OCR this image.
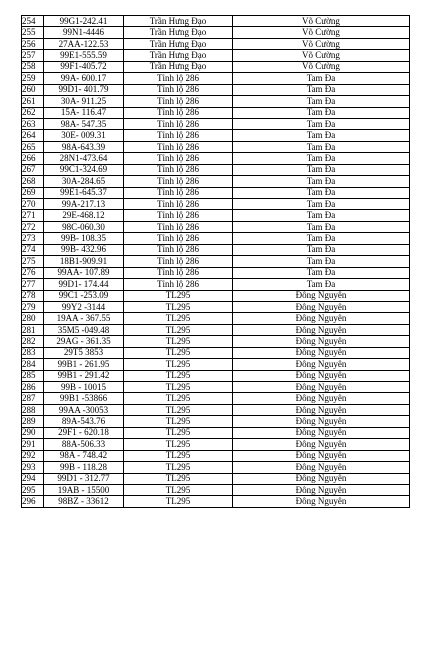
254	99G1-242.41	Trần Hưng Đạo	Võ Cường
255	99N1-4446	Trần Hưng Đạo	Võ Cường
256	27AA-122.53	Trần Hưng Đạo	Võ Cường
257	99E1-555.59	Trần Hưng Đạo	Võ Cường
258	99F1-405.72	Trần Hưng Đạo	Võ Cường
259	99A- 600.17	Tỉnh lộ 286	Tam Đa
260	99D1- 401.79	Tỉnh lộ 286	Tam Đa
261	30A- 911.25	Tỉnh lộ 286	Tam Đa
262	15A- 116.47	Tỉnh lộ 286	Tam Đa
263	98A- 547.35	Tỉnh lộ 286	Tam Đa
264	30E- 009.31	Tỉnh lộ 286	Tam Đa
265	98A-643.39	Tỉnh lộ 286	Tam Đa
266	28N1-473.64	Tỉnh lộ 286	Tam Đa
267	99C1-324.69	Tỉnh lộ 286	Tam Đa
268	30A-284.65	Tỉnh lộ 286	Tam Đa
269	99E1-645.37	Tỉnh lộ 286	Tam Đa
270	99A-217.13	Tỉnh lộ 286	Tam Đa
271	29E-468.12	Tỉnh lộ 286	Tam Đa
272	98C-060.30	Tỉnh lộ 286	Tam Đa
273	99B- 108.35	Tỉnh lộ 286	Tam Đa
274	99B- 432.96	Tỉnh lộ 286	Tam Đa
275	18B1-909.91	Tỉnh lộ 286	Tam Đa
276	99AA- 107.89	Tỉnh lộ 286	Tam Đa
277	99D1- 174.44	Tỉnh lộ 286	Tam Đa
278	99C1 -253.09	TL295	Đông Nguyên
279	99Y2 -3144	TL295	Đông Nguyên
280	19AA - 367.55	TL295	Đông Nguyên
281	35M5 -049.48	TL295	Đông Nguyên
282	29AG - 361.35	TL295	Đông Nguyên
283	29T5 3853	TL295	Đông Nguyên
284	99B1 - 261.95	TL295	Đông Nguyên
285	99B1 - 291.42	TL295	Đông Nguyên
286	99B - 10015	TL295	Đông Nguyên
287	99B1 -53866	TL295	Đông Nguyên
288	99AA -30053	TL295	Đông Nguyên
289	89A-543.76	TL295	Đông Nguyên
290	29F1 - 620.18	TL295	Đông Nguyên
291	88A-506.33	TL295	Đông Nguyên
292	98A - 748.42	TL295	Đông Nguyên
293	99B - 118.28	TL295	Đông Nguyên
294	99D1 - 312.77	TL295	Đông Nguyên
295	19AB - 15500	TL295	Đông Nguyên
296	98BZ - 33612	TL295	Đông Nguyên
